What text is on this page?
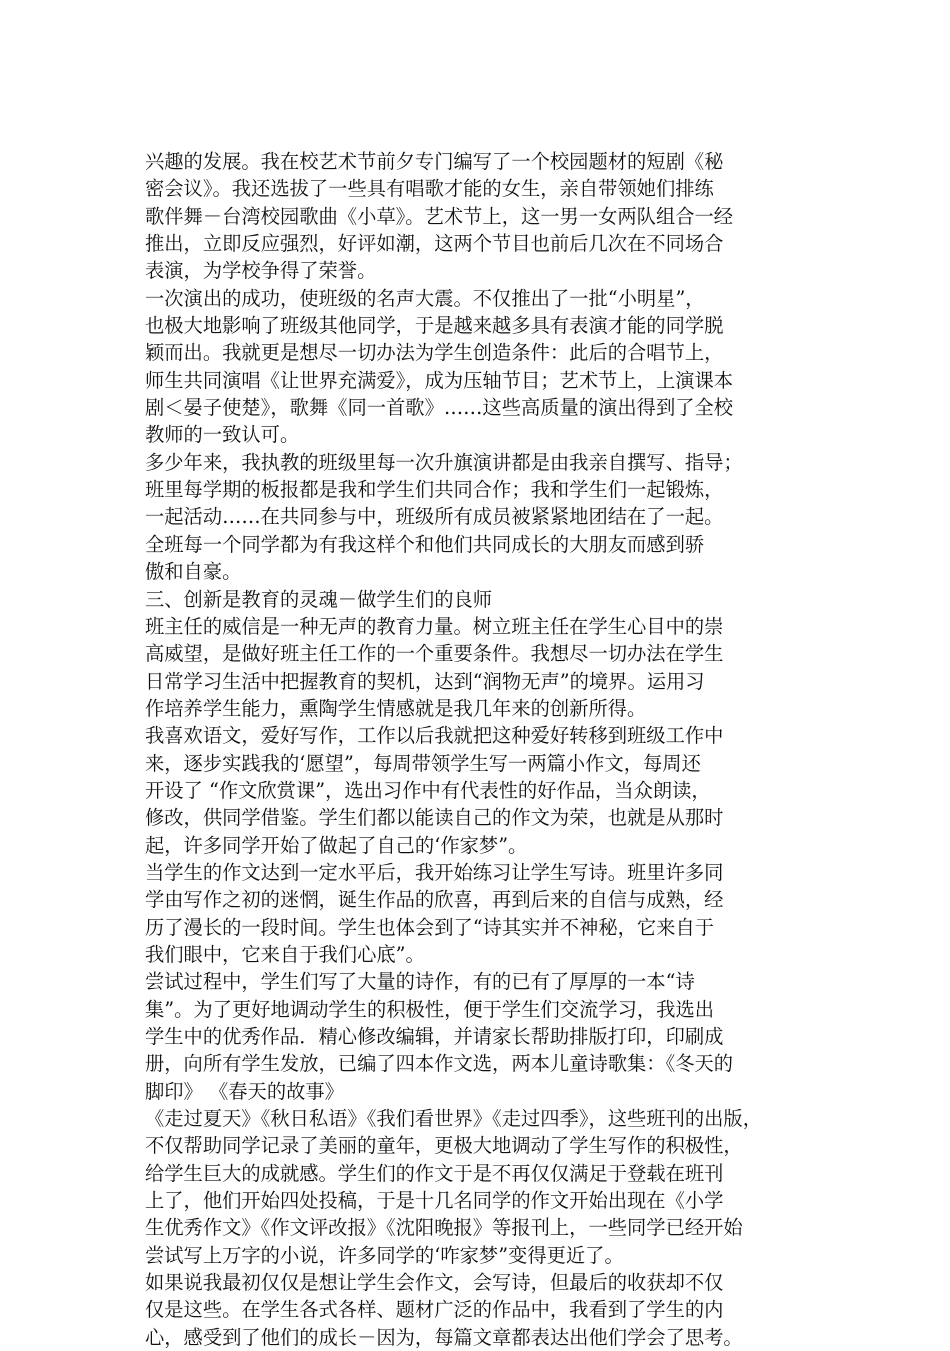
兴趣的发展。我在校艺术节前夕专门编写了一个校园题材的短剧《秘
密会议》。我还选拔了一些具有唱歌才能的女生，亲自带领她们排练
歌伴舞－台湾校园歌曲《小草》。艺术节上，这一男一女两队组合一经
推出，立即反应强烈，好评如潮，这两个节目也前后几次在不同场合
表演，为学校争得了荣誉。
一次演出的成功，使班级的名声大震。不仅推出了一批“小明星”，
也极大地影响了班级其他同学，于是越来越多具有表演才能的同学脱
颖而出。我就更是想尽一切办法为学生创造条件：此后的合唱节上，
师生共同演唱《让世界充满爱》，成为压轴节目；艺术节上，上演课本
剧＜晏子使楚》，歌舞《同一首歌》……这些高质量的演出得到了全校
教师的一致认可。
多少年来，我执教的班级里每一次升旗演讲都是由我亲自撰写、指导；
班里每学期的板报都是我和学生们共同合作；我和学生们一起锻炼，
一起活动……在共同参与中，班级所有成员被紧紧地团结在了一起。
全班每一个同学都为有我这样个和他们共同成长的大朋友而感到骄
傲和自豪。
三、创新是教育的灵魂－做学生们的良师
班主任的威信是一种无声的教育力量。树立班主任在学生心目中的崇
高威望，是做好班主任工作的一个重要条件。我想尽一切办法在学生
日常学习生活中把握教育的契机，达到“润物无声”的境界。运用习
作培养学生能力，熏陶学生情感就是我几年来的创新所得。
我喜欢语文，爱好写作，工作以后我就把这种爱好转移到班级工作中
来，逐步实践我的‘愿望”，每周带领学生写一两篇小作文，每周还
开设了 “作文欣赏课”，选出习作中有代表性的好作品，当众朗读，
修改，供同学借鉴。学生们都以能读自己的作文为荣，也就是从那时
起，许多同学开始了做起了自己的‘作家梦”。
当学生的作文达到一定水平后，我开始练习让学生写诗。班里许多同
学由写作之初的迷惘，诞生作品的欣喜，再到后来的自信与成熟，经
历了漫长的一段时间。学生也体会到了“诗其实并不神秘，它来自于
我们眼中，它来自于我们心底”。
尝试过程中，学生们写了大量的诗作，有的已有了厚厚的一本“诗
集”。为了更好地调动学生的积极性，便于学生们交流学习，我选出
学生中的优秀作品．精心修改编辑，并请家长帮助排版打印，印刷成
册，向所有学生发放，已编了四本作文选，两本儿童诗歌集：《冬天的
脚印》 《春天的故事》
《走过夏天》《秋日私语》《我们看世界》《走过四季》，这些班刊的出版，
不仅帮助同学记录了美丽的童年，更极大地调动了学生写作的积极性，
给学生巨大的成就感。学生们的作文于是不再仅仅满足于登载在班刊
上了，他们开始四处投稿，于是十几名同学的作文开始出现在《小学
生优秀作文》《作文评改报》《沈阳晚报》等报刊上，一些同学已经开始
尝试写上万字的小说，许多同学的‘咋家梦”变得更近了。
如果说我最初仅仅是想让学生会作文，会写诗，但最后的收获却不仅
仅是这些。在学生各式各样、题材广泛的作品中，我看到了学生的内
心，感受到了他们的成长－因为，每篇文章都表达出他们学会了思考。
